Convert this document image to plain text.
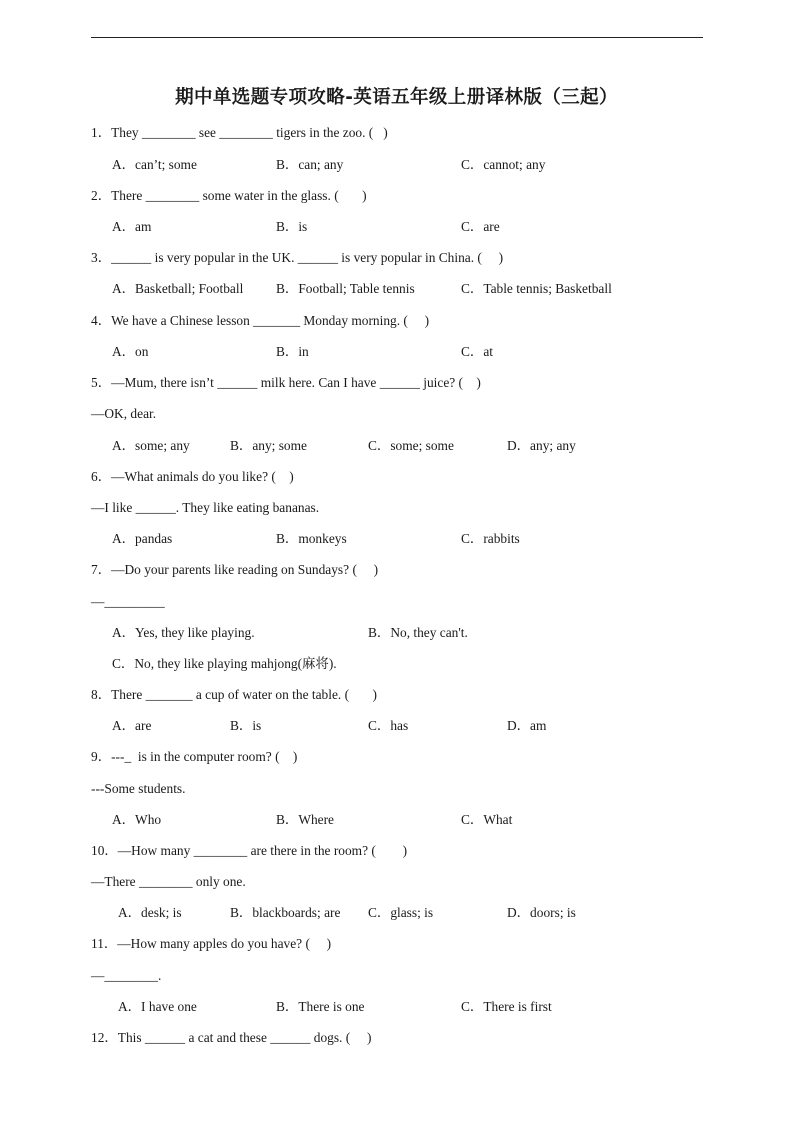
期中单选题专项攻略-英语五年级上册译林版（三起）
1．They ________ see ________ tigers in the zoo. (   )
A．can’t; some	B．can; any	C．cannot; any
2．There ________ some water in the glass. (       )
A．am	B．is	C．are
3．______ is very popular in the UK. ______ is very popular in China. (     )
A．Basketball; Football B．Football; Table tennis	C．Table tennis; Basketball
4．We have a Chinese lesson _______ Monday morning. (     )
A．on	B．in	C．at
5．—Mum, there isn’t ______ milk here. Can I have ______ juice? (    )
—OK, dear.
A．some; any	B．any; some	C．some; some	D．any; any
6．—What animals do you like? (    )
—I like ______. They like eating bananas.
A．pandas	B．monkeys	C．rabbits
7．—Do your parents like reading on Sundays? (     )
—_________
A．Yes, they like playing.	B．No, they can't.
C．No, they like playing mahjong(麻将).
8．There _______ a cup of water on the table. (       )
A．are	B．is	C．has	D．am
9．---_  is in the computer room? (    )
---Some students.
A．Who	B．Where	C．What
10．—How many ________ are there in the room? (        )
—There ________ only one.
A．desk; is	B．blackboards; are C．glass; is	D．doors; is
11．—How many apples do you have? (     )
—________.
A．I have one	B．There is one	C．There is first
12．This ______ a cat and these ______ dogs. (     )
